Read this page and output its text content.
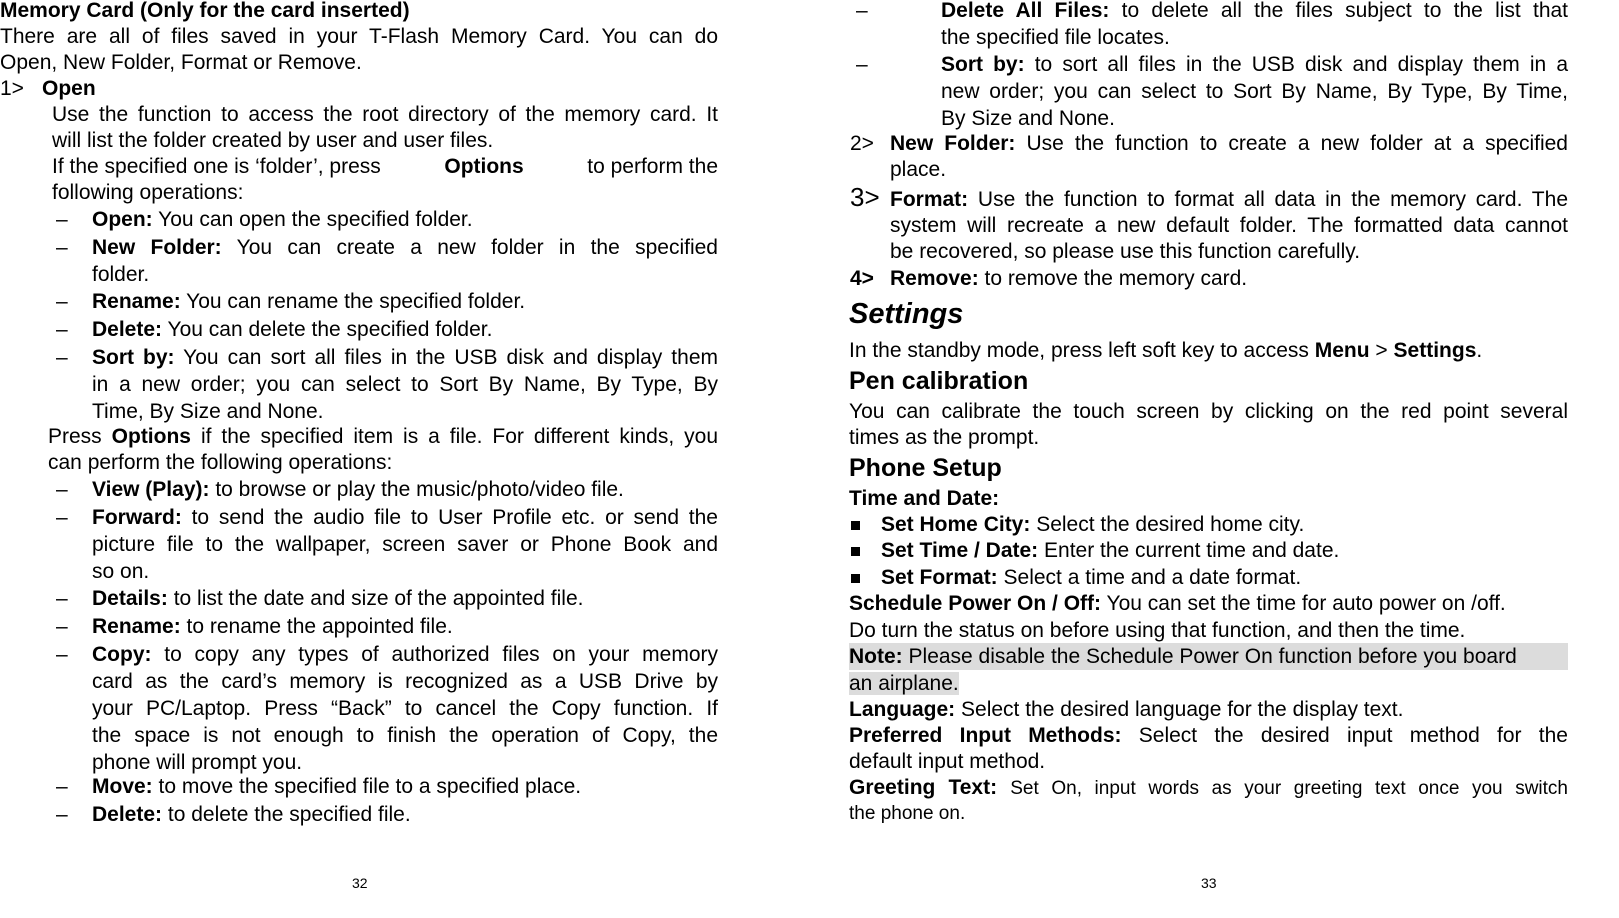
Memory Card (Only for the card inserted)
There are all of files saved in your T-Flash Memory Card. You can do
Open, New Folder, Format or Remove.
1> Open
Use the function to access the root directory of the memory card. It
will list the folder created by user and user files.
If the specified one is ‘folder’, press	Options	to perform the
following operations:
– Open: You can open the specified folder.
– New Folder: You can create a new folder in the specified
folder.
– Rename: You can rename the specified folder.
– Delete: You can delete the specified folder.
– Sort by: You can sort all files in the USB disk and display them
in a new order; you can select to Sort By Name, By Type, By
Time, By Size and None.
Press Options if the specified item is a file. For different kinds, you
can perform the following operations:
– View (Play): to browse or play the music/photo/video file.
– Forward: to send the audio file to User Profile etc. or send the
picture file to the wallpaper, screen saver or Phone Book and
so on.
– Details: to list the date and size of the appointed file.
– Rename: to rename the appointed file.
– Copy: to copy any types of authorized files on your memory
card as the card’s memory is recognized as a USB Drive by
your PC/Laptop. Press “Back” to cancel the Copy function. If
the space is not enough to finish the operation of Copy, the
phone will prompt you.
– Move: to move the specified file to a specified place.
– Delete: to delete the specified file.
32
–	Delete All Files: to delete all the files subject to the list that
the specified file locates.
–	Sort by: to sort all files in the USB disk and display them in a
new order; you can select to Sort By Name, By Type, By Time,
By Size and None.
2> New Folder: Use the function to create a new folder at a specified
place.
3> Format: Use the function to format all data in the memory card. The
system will recreate a new default folder. The formatted data cannot
be recovered, so please use this function carefully.
4> Remove: to remove the memory card.
Settings
In the standby mode, press left soft key to access Menu > Settings.
Pen calibration
You can calibrate the touch screen by clicking on the red point several
times as the prompt.
Phone Setup
Time and Date:
Set Home City: Select the desired home city.
Set Time / Date: Enter the current time and date.
Set Format: Select a time and a date format.
Schedule Power On / Off: You can set the time for auto power on /off.
Do turn the status on before using that function, and then the time.
Note: Please disable the Schedule Power On function before you board
an airplane.
Language: Select the desired language for the display text.
Preferred Input Methods: Select the desired input method for the
default input method.
Greeting Text: Set On, input words as your greeting text once you switch
the phone on.
33
